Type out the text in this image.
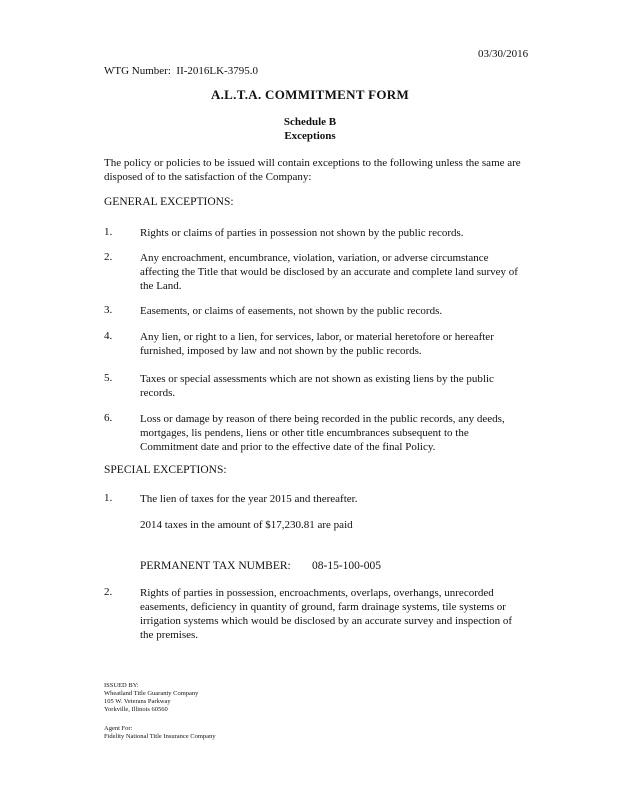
03/30/2016
WTG Number: II-2016LK-3795.0
A.L.T.A. COMMITMENT FORM
Schedule B
Exceptions
The policy or policies to be issued will contain exceptions to the following unless the same are disposed of to the satisfaction of the Company:
GENERAL EXCEPTIONS:
1.	Rights or claims of parties in possession not shown by the public records.
2.	Any encroachment, encumbrance, violation, variation, or adverse circumstance affecting the Title that would be disclosed by an accurate and complete land survey of the Land.
3.	Easements, or claims of easements, not shown by the public records.
4.	Any lien, or right to a lien, for services, labor, or material heretofore or hereafter furnished, imposed by law and not shown by the public records.
5.	Taxes or special assessments which are not shown as existing liens by the public records.
6.	Loss or damage by reason of there being recorded in the public records, any deeds, mortgages, lis pendens, liens or other title encumbrances subsequent to the Commitment date and prior to the effective date of the final Policy.
SPECIAL EXCEPTIONS:
1.	The lien of taxes for the year 2015 and thereafter.
2014 taxes in the amount of $17,230.81 are paid
PERMANENT TAX NUMBER: 08-15-100-005
2.	Rights of parties in possession, encroachments, overlaps, overhangs, unrecorded easements, deficiency in quantity of ground, farm drainage systems, tile systems or irrigation systems which would be disclosed by an accurate survey and inspection of the premises.
ISSUED BY:
Wheatland Title Guaranty Company
105 W. Veterans Parkway
Yorkville, Illinois 60560
Agent For:
Fidelity National Title Insurance Company
